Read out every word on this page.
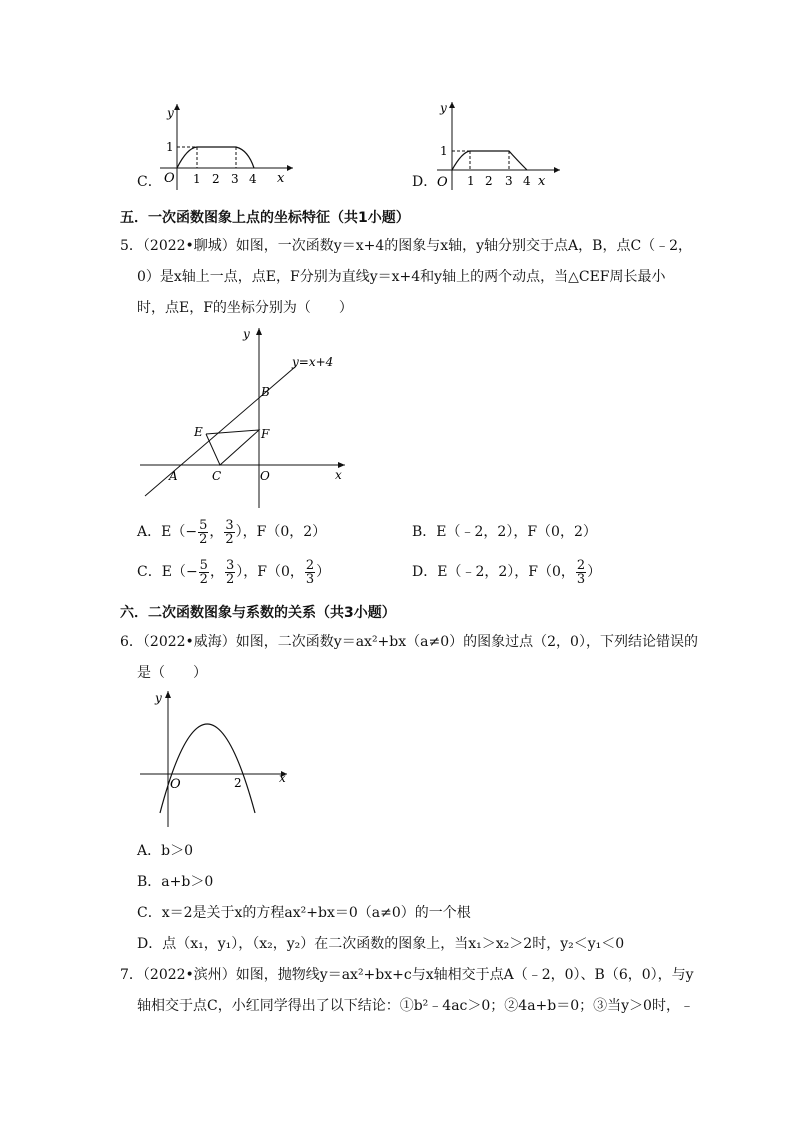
C．
y
1
O 1 2 3 4 x	D．
y
1
O 1 2 3 4 x
五．一次函数图象上点的坐标特征（共1小题）
5．（2022•聊城）如图，一次函数y＝x+4的图象与x轴，y轴分别交于点A，B，点C（﹣2，
0）是x轴上一点，点E，F分别为直线y＝x+4和y轴上的两个动点，当△CEF周长最小
时，点E，F的坐标分别为（　　）
y=x+4
y
x
B
E	F
A	C	O
A．$E(- \frac{5}{2}$ ， $\frac{3}{2}$ ），F（0，2）	B．E（﹣2，2），F（0，2）
C．$E(- \frac{5}{2}$ ， $\frac{3}{2}$ ），F（0， $\frac{2}{3}$ ）	D．E（﹣2，2），F（0， $\frac{2}{3}$ ）
六．二次函数图象与系数的关系（共3小题）
6．（2022•威海）如图，二次函数y＝ax²+bx（a≠0）的图象过点（2，0），下列结论错误的
是（　　）
y
x
O	2
A．b＞0
B．a+b＞0
C．x＝2是关于x的方程ax²+bx＝0（a≠0）的一个根
D．点（x₁，y₁），（x₂，y₂）在二次函数的图象上，当x₁＞x₂＞2时，y₂＜y₁＜0
7．（2022•滨州）如图，抛物线y＝ax²+bx+c与x轴相交于点A（﹣2，0）、B（6，0），与y
轴相交于点C，小红同学得出了以下结论：①b²﹣4ac＞0；②4a+b＝0；③当y＞0时，﹣
